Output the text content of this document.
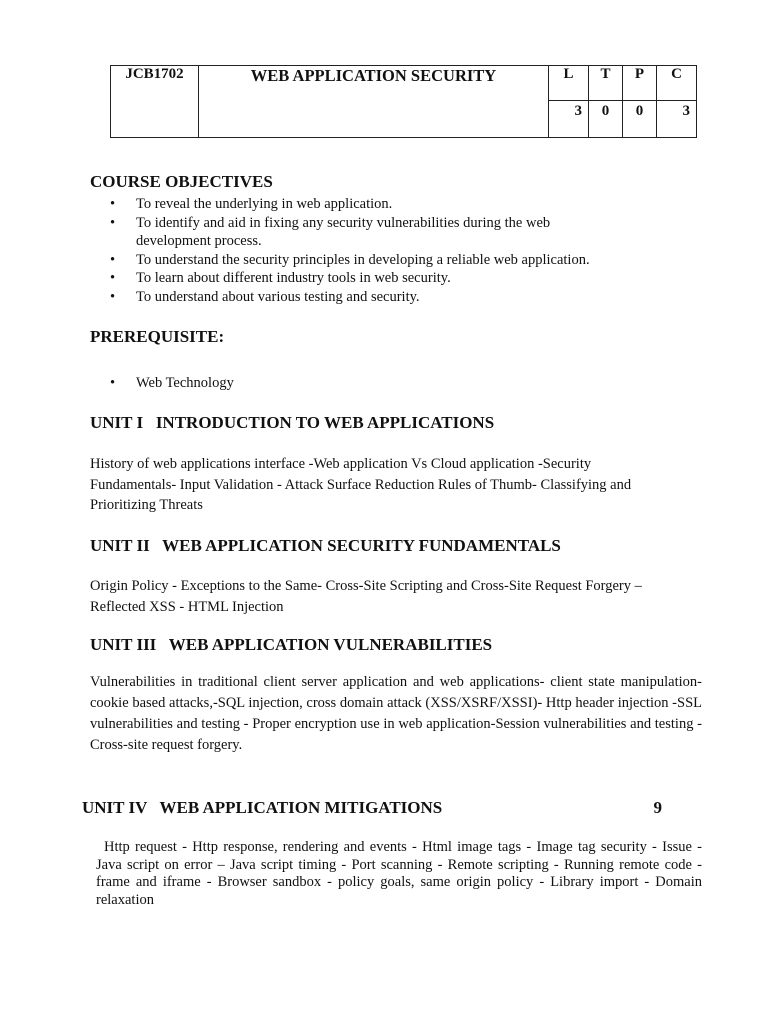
JCB1702	WEB APPLICATION SECURITY	L	T	P	C
		3	0	0	3
COURSE OBJECTIVES
• To reveal the underlying in web application.
• To identify and aid in fixing any security vulnerabilities during the web development process.
• To understand the security principles in developing a reliable web application.
• To learn about different industry tools in web security.
• To understand about various testing and security.
PREREQUISITE:
• Web Technology
UNIT I   INTRODUCTION TO WEB APPLICATIONS

History of web applications interface -Web application Vs Cloud application -Security Fundamentals- Input Validation - Attack Surface Reduction Rules of Thumb- Classifying and Prioritizing Threats

UNIT II   WEB APPLICATION SECURITY FUNDAMENTALS

Origin Policy - Exceptions to the Same- Cross-Site Scripting and Cross-Site Request Forgery – Reflected XSS - HTML Injection

UNIT III   WEB APPLICATION VULNERABILITIES

Vulnerabilities in traditional client server application and web applications- client state manipulation-cookie based attacks,-SQL injection, cross domain attack (XSS/XSRF/XSSI)- Http header injection -SSL vulnerabilities and testing - Proper encryption use in web application-Session vulnerabilities and testing - Cross-site request forgery.

UNIT IV   WEB APPLICATION MITIGATIONS	9

Http request - Http response, rendering and events - Html image tags - Image tag security - Issue - Java script on error – Java script timing - Port scanning - Remote scripting - Running remote code - frame and iframe - Browser sandbox - policy goals, same origin policy - Library import - Domain relaxation
